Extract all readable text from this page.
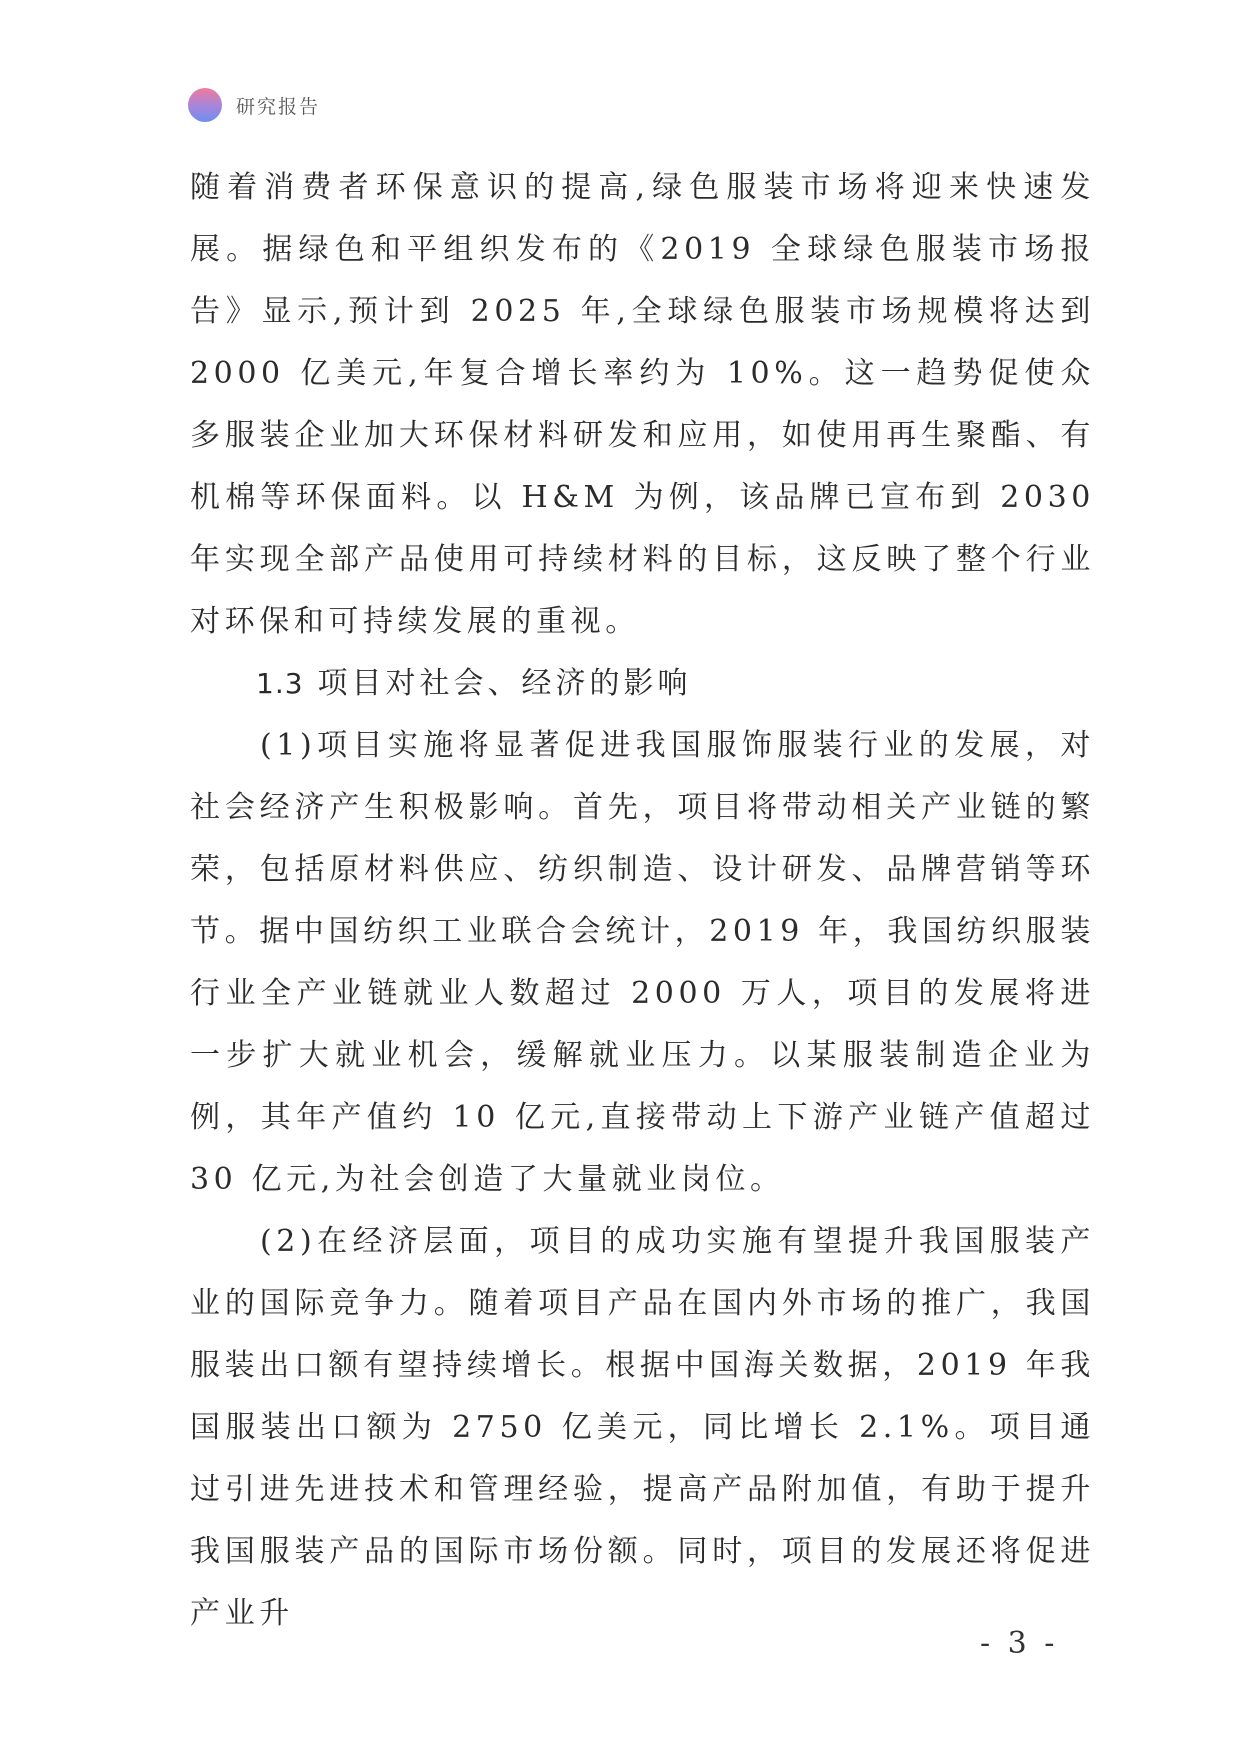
研究报告

随着消费者环保意识的提高,绿色服装市场将迎来快速发展。据绿色和平组织发布的《2019 全球绿色服装市场报告》显示,预计到 2025 年,全球绿色服装市场规模将达到 2000 亿美元,年复合增长率约为 10%。这一趋势促使众多服装企业加大环保材料研发和应用，如使用再生聚酯、有机棉等环保面料。以 H&M 为例，该品牌已宣布到 2030 年实现全部产品使用可持续材料的目标，这反映了整个行业对环保和可持续发展的重视。

1.3 项目对社会、经济的影响

(1)项目实施将显著促进我国服饰服装行业的发展，对社会经济产生积极影响。首先，项目将带动相关产业链的繁荣，包括原材料供应、纺织制造、设计研发、品牌营销等环节。据中国纺织工业联合会统计，2019 年，我国纺织服装行业全产业链就业人数超过 2000 万人，项目的发展将进一步扩大就业机会，缓解就业压力。以某服装制造企业为例，其年产值约 10 亿元,直接带动上下游产业链产值超过 30 亿元,为社会创造了大量就业岗位。

(2)在经济层面，项目的成功实施有望提升我国服装产业的国际竞争力。随着项目产品在国内外市场的推广，我国服装出口额有望持续增长。根据中国海关数据，2019 年我国服装出口额为 2750 亿美元，同比增长 2.1%。项目通过引进先进技术和管理经验，提高产品附加值，有助于提升我国服装产品的国际市场份额。同时，项目的发展还将促进产业升

- 3 -
